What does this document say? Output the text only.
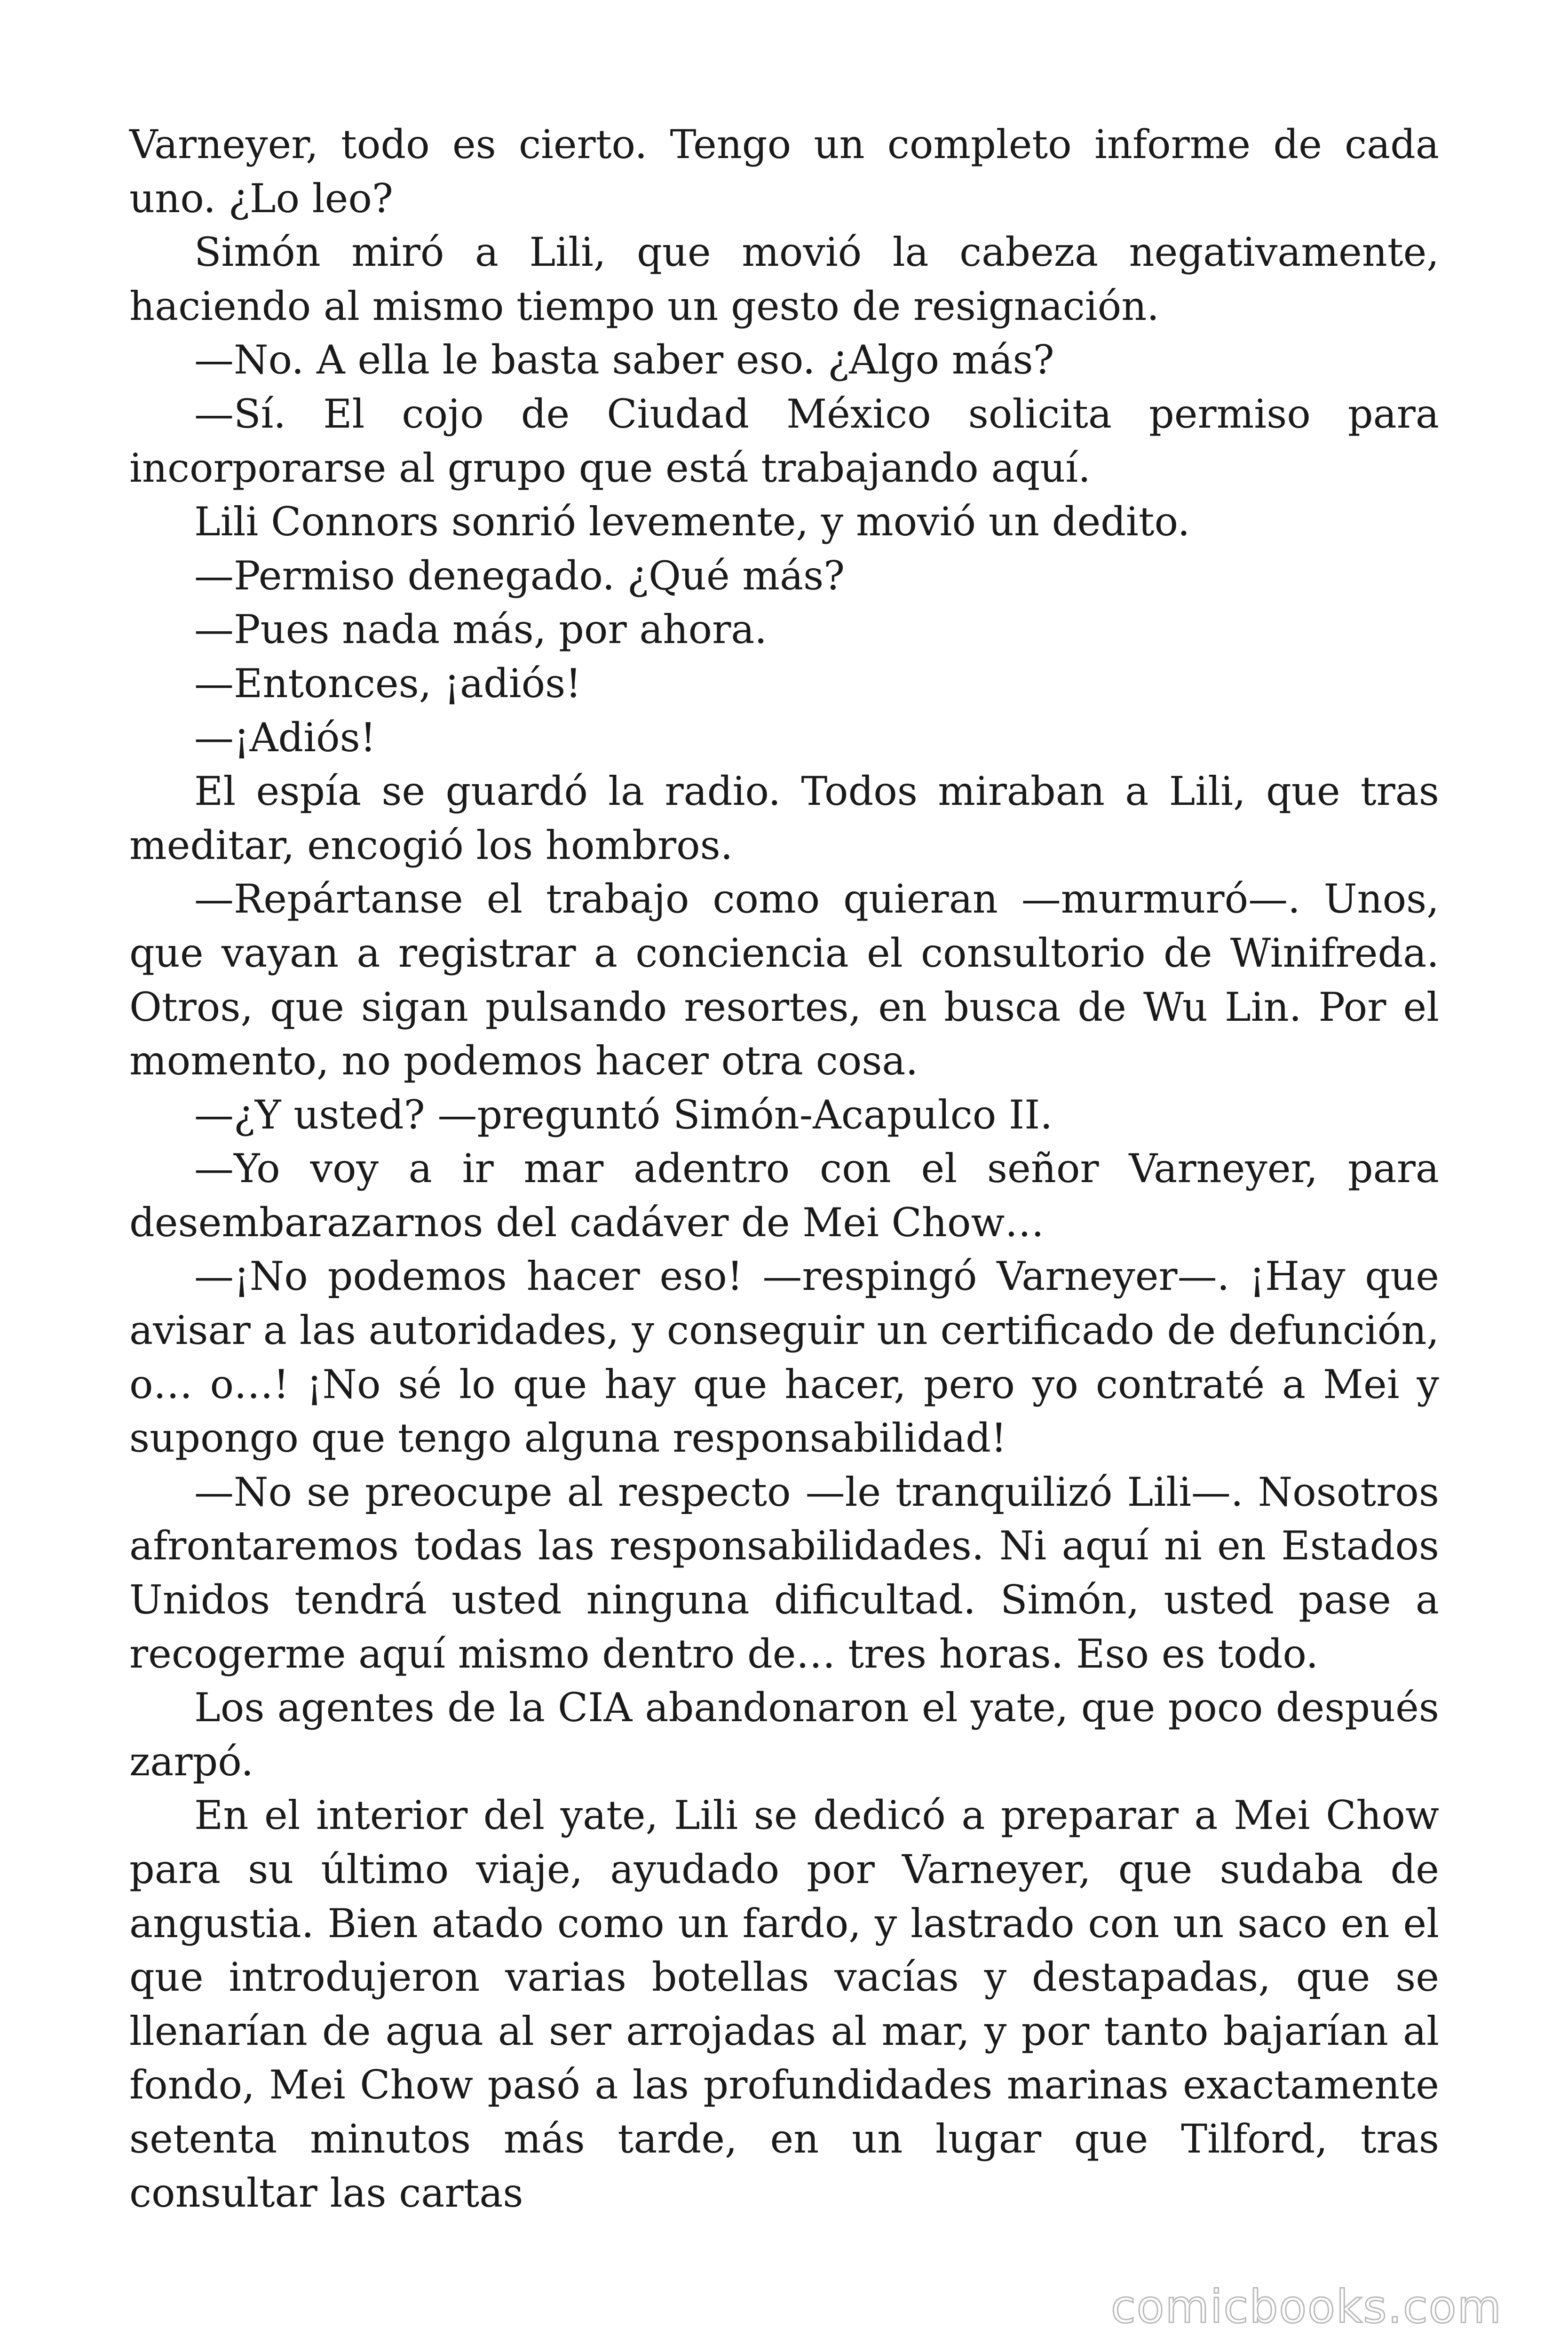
Varneyer, todo es cierto. Tengo un completo informe de cada uno. ¿Lo leo?

Simón miró a Lili, que movió la cabeza negativamente, haciendo al mismo tiempo un gesto de resignación.

—No. A ella le basta saber eso. ¿Algo más?

—Sí. El cojo de Ciudad México solicita permiso para incorporarse al grupo que está trabajando aquí.

Lili Connors sonrió levemente, y movió un dedito.

—Permiso denegado. ¿Qué más?

—Pues nada más, por ahora.

—Entonces, ¡adiós!

—¡Adiós!

El espía se guardó la radio. Todos miraban a Lili, que tras meditar, encogió los hombros.

—Repártanse el trabajo como quieran —murmuró—. Unos, que vayan a registrar a conciencia el consultorio de Winifreda. Otros, que sigan pulsando resortes, en busca de Wu Lin. Por el momento, no podemos hacer otra cosa.

—¿Y usted? —preguntó Simón-Acapulco II.

—Yo voy a ir mar adentro con el señor Varneyer, para desembarazarnos del cadáver de Mei Chow…

—¡No podemos hacer eso! —respingó Varneyer—. ¡Hay que avisar a las autoridades, y conseguir un certificado de defunción, o… o…! ¡No sé lo que hay que hacer, pero yo contraté a Mei y supongo que tengo alguna responsabilidad!

—No se preocupe al respecto —le tranquilizó Lili—. Nosotros afrontaremos todas las responsabilidades. Ni aquí ni en Estados Unidos tendrá usted ninguna dificultad. Simón, usted pase a recogerme aquí mismo dentro de… tres horas. Eso es todo.

Los agentes de la CIA abandonaron el yate, que poco después zarpó.

En el interior del yate, Lili se dedicó a preparar a Mei Chow para su último viaje, ayudado por Varneyer, que sudaba de angustia. Bien atado como un fardo, y lastrado con un saco en el que introdujeron varias botellas vacías y destapadas, que se llenarían de agua al ser arrojadas al mar, y por tanto bajarían al fondo, Mei Chow pasó a las profundidades marinas exactamente setenta minutos más tarde, en un lugar que Tilford, tras consultar las cartas

comicbooks.com
